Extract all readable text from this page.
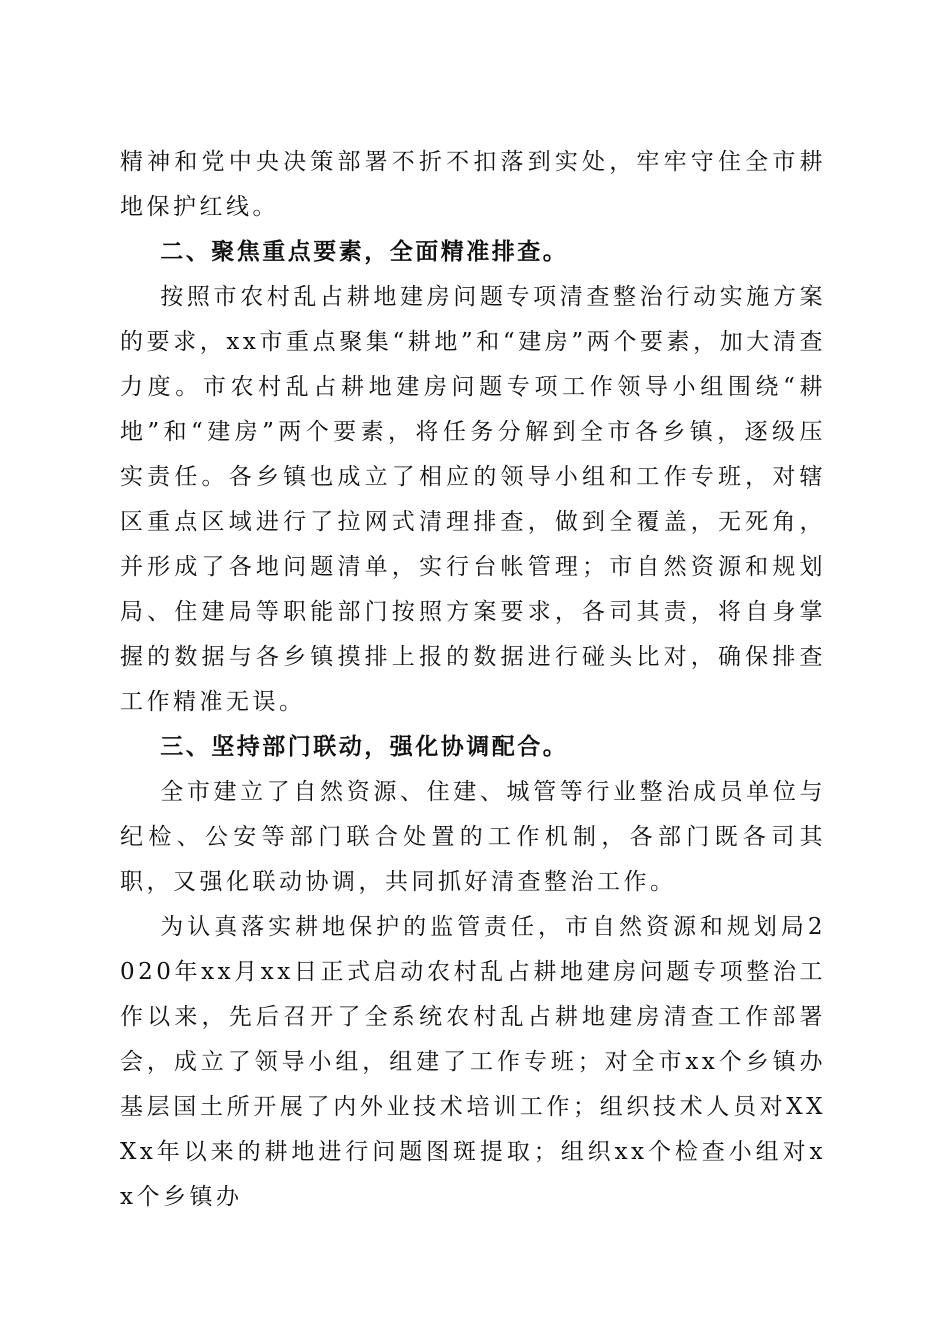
精神和党中央决策部署不折不扣落到实处，牢牢守住全市耕地保护红线。

二、聚焦重点要素，全面精准排查。

按照市农村乱占耕地建房问题专项清查整治行动实施方案的要求，xx市重点聚集“耕地”和“建房”两个要素，加大清查力度。市农村乱占耕地建房问题专项工作领导小组围绕“耕地”和“建房”两个要素，将任务分解到全市各乡镇，逐级压实责任。各乡镇也成立了相应的领导小组和工作专班，对辖区重点区域进行了拉网式清理排查，做到全覆盖，无死角，并形成了各地问题清单，实行台帐管理；市自然资源和规划局、住建局等职能部门按照方案要求，各司其责，将自身掌握的数据与各乡镇摸排上报的数据进行碰头比对，确保排查工作精准无误。

三、坚持部门联动，强化协调配合。

全市建立了自然资源、住建、城管等行业整治成员单位与纪检、公安等部门联合处置的工作机制，各部门既各司其职，又强化联动协调，共同抓好清查整治工作。

为认真落实耕地保护的监管责任，市自然资源和规划局2020年xx月xx日正式启动农村乱占耕地建房问题专项整治工作以来，先后召开了全系统农村乱占耕地建房清查工作部署会，成立了领导小组，组建了工作专班；对全市xx个乡镇办基层国土所开展了内外业技术培训工作；组织技术人员对XXXx年以来的耕地进行问题图斑提取；组织xx个检查小组对xx个乡镇办
